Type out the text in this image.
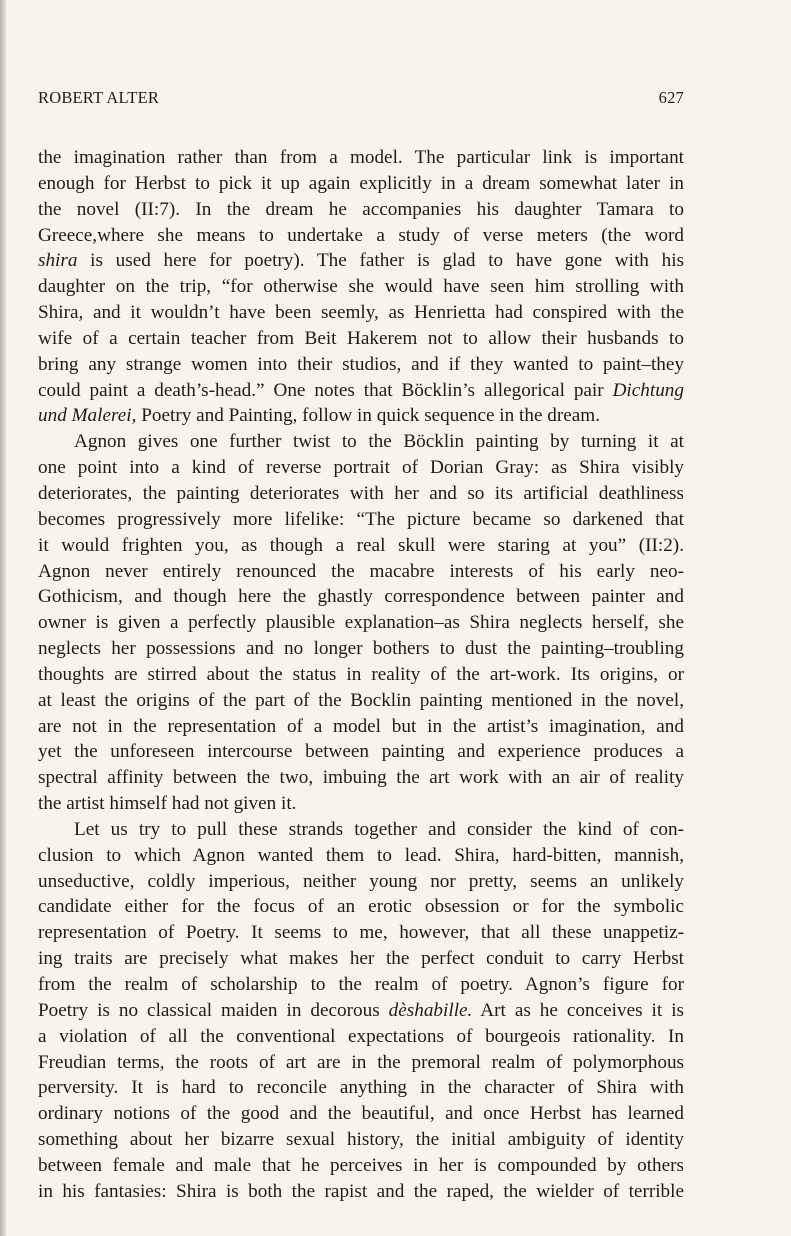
ROBERT ALTER	627
the imagination rather than from a model. The particular link is important
enough for Herbst to pick it up again explicitly in a dream somewhat later in
the novel (II:7). In the dream he accompanies his daughter Tamara to
Greece,where she means to undertake a study of verse meters (the word
shira is used here for poetry). The father is glad to have gone with his
daughter on the trip, “for otherwise she would have seen him strolling with
Shira, and it wouldn’t have been seemly, as Henrietta had conspired with the
wife of a certain teacher from Beit Hakerem not to allow their husbands to
bring any strange women into their studios, and if they wanted to paint–they
could paint a death’s-head.” One notes that Böcklin’s allegorical pair Dichtung
und Malerei, Poetry and Painting, follow in quick sequence in the dream.
Agnon gives one further twist to the Böcklin painting by turning it at
one point into a kind of reverse portrait of Dorian Gray: as Shira visibly
deteriorates, the painting deteriorates with her and so its artificial deathliness
becomes progressively more lifelike: “The picture became so darkened that
it would frighten you, as though a real skull were staring at you” (II:2).
Agnon never entirely renounced the macabre interests of his early neo-
Gothicism, and though here the ghastly correspondence between painter and
owner is given a perfectly plausible explanation–as Shira neglects herself, she
neglects her possessions and no longer bothers to dust the painting–troubling
thoughts are stirred about the status in reality of the art-work. Its origins, or
at least the origins of the part of the Bocklin painting mentioned in the novel,
are not in the representation of a model but in the artist’s imagination, and
yet the unforeseen intercourse between painting and experience produces a
spectral affinity between the two, imbuing the art work with an air of reality
the artist himself had not given it.
Let us try to pull these strands together and consider the kind of con-
clusion to which Agnon wanted them to lead. Shira, hard-bitten, mannish,
unseductive, coldly imperious, neither young nor pretty, seems an unlikely
candidate either for the focus of an erotic obsession or for the symbolic
representation of Poetry. It seems to me, however, that all these unappetiz-
ing traits are precisely what makes her the perfect conduit to carry Herbst
from the realm of scholarship to the realm of poetry. Agnon’s figure for
Poetry is no classical maiden in decorous dèshabille. Art as he conceives it is
a violation of all the conventional expectations of bourgeois rationality. In
Freudian terms, the roots of art are in the premoral realm of polymorphous
perversity. It is hard to reconcile anything in the character of Shira with
ordinary notions of the good and the beautiful, and once Herbst has learned
something about her bizarre sexual history, the initial ambiguity of identity
between female and male that he perceives in her is compounded by others
in his fantasies: Shira is both the rapist and the raped, the wielder of terrible
